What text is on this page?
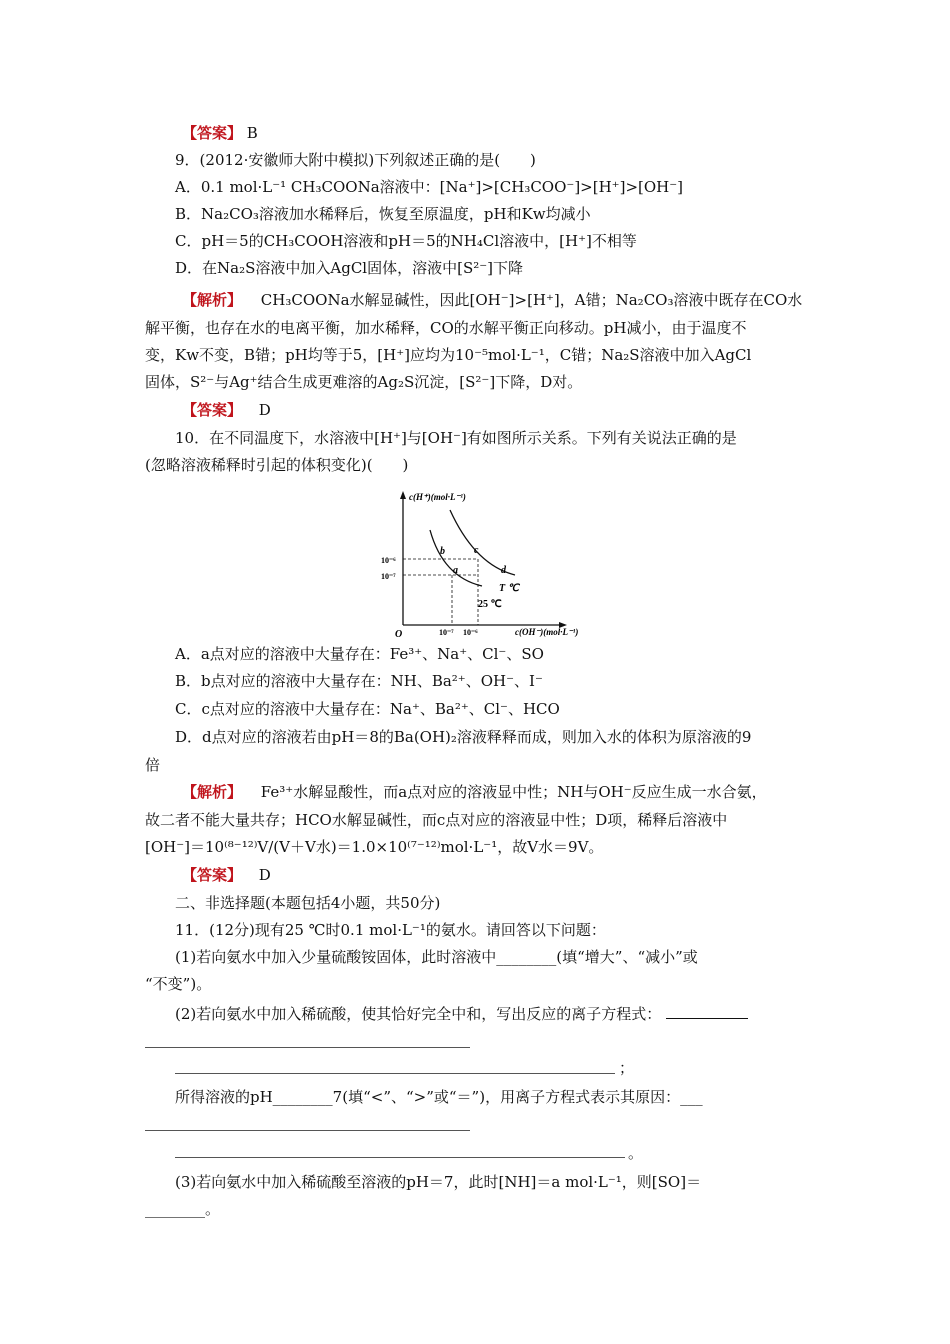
【答案】 B
9．(2012·安徽师大附中模拟)下列叙述正确的是(　　)
A．0.1 mol·L⁻¹ CH₃COONa溶液中：[Na⁺]>[CH₃COO⁻]>[H⁺]>[OH⁻]
B．Na₂CO₃溶液加水稀释后，恢复至原温度，pH和Kw均减小
C．pH＝5的CH₃COOH溶液和pH＝5的NH₄Cl溶液中，[H⁺]不相等
D．在Na₂S溶液中加入AgCl固体，溶液中[S²⁻]下降
【解析】 CH₃COONa水解显碱性，因此[OH⁻]>[H⁺]，A错；Na₂CO₃溶液中既存在CO水
解平衡，也存在水的电离平衡，加水稀释，CO的水解平衡正向移动。pH减小，由于温度不
变，Kw不变，B错；pH均等于5，[H⁺]应均为10⁻⁵mol·L⁻¹，C错；Na₂S溶液中加入AgCl
固体，S²⁻与Ag⁺结合生成更难溶的Ag₂S沉淀，[S²⁻]下降，D对。
【答案】 D
10．在不同温度下，水溶液中[H⁺]与[OH⁻]有如图所示关系。下列有关说法正确的是
(忽略溶液稀释时引起的体积变化)(　　)
c(H⁺)(mol·L⁻¹)
c(OH⁻)(mol·L⁻¹)
O
10⁻⁶
10⁻⁷
10⁻⁷ 10⁻⁶
b
a
c
d
T ℃
25 ℃
A．a点对应的溶液中大量存在：Fe³⁺、Na⁺、Cl⁻、SO
B．b点对应的溶液中大量存在：NH、Ba²⁺、OH⁻、I⁻
C．c点对应的溶液中大量存在：Na⁺、Ba²⁺、Cl⁻、HCO
D．d点对应的溶液若由pH＝8的Ba(OH)₂溶液释释而成，则加入水的体积为原溶液的9
倍
【解析】 Fe³⁺水解显酸性，而a点对应的溶液显中性；NH与OH⁻反应生成一水合氨，
故二者不能大量共存；HCO水解显碱性，而c点对应的溶液显中性；D项，稀释后溶液中
[OH⁻]＝10⁽⁸⁻¹²⁾V/(V＋V水)＝1.0×10⁽⁷⁻¹²⁾mol·L⁻¹，故V水＝9V。
【答案】 D
二、非选择题(本题包括4小题，共50分)
11．(12分)现有25 ℃时0.1 mol·L⁻¹的氨水。请回答以下问题：
(1)若向氨水中加入少量硫酸铵固体，此时溶液中________(填“增大”、“减小”或
“不变”)。
(2)若向氨水中加入稀硫酸，使其恰好完全中和，写出反应的离子方程式：
；
所得溶液的pH________7(填“<”、“>”或“＝”)，用离子方程式表示其原因：___
。
(3)若向氨水中加入稀硫酸至溶液的pH＝7，此时[NH]＝a mol·L⁻¹，则[SO]＝
________。
